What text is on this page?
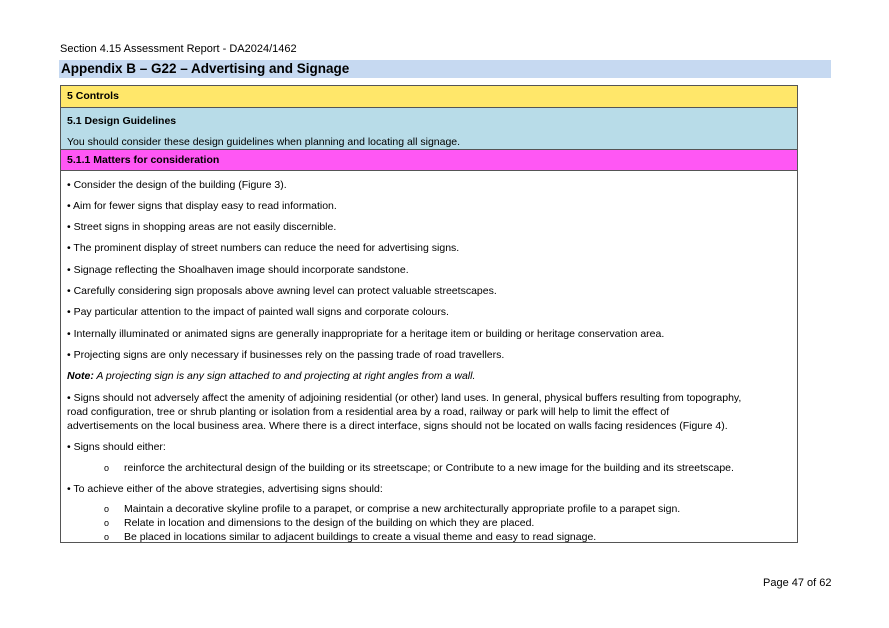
Section 4.15 Assessment Report - DA2024/1462
Appendix B – G22 – Advertising and Signage
5 Controls
5.1 Design Guidelines
You should consider these design guidelines when planning and locating all signage.
5.1.1 Matters for consideration
• Consider the design of the building (Figure 3).
• Aim for fewer signs that display easy to read information.
• Street signs in shopping areas are not easily discernible.
• The prominent display of street numbers can reduce the need for advertising signs.
• Signage reflecting the Shoalhaven image should incorporate sandstone.
• Carefully considering sign proposals above awning level can protect valuable streetscapes.
• Pay particular attention to the impact of painted wall signs and corporate colours.
• Internally illuminated or animated signs are generally inappropriate for a heritage item or building or heritage conservation area.
• Projecting signs are only necessary if businesses rely on the passing trade of road travellers.
Note: A projecting sign is any sign attached to and projecting at right angles from a wall.
• Signs should not adversely affect the amenity of adjoining residential (or other) land uses. In general, physical buffers resulting from topography,
road configuration, tree or shrub planting or isolation from a residential area by a road, railway or park will help to limit the effect of
advertisements on the local business area. Where there is a direct interface, signs should not be located on walls facing residences (Figure 4).
• Signs should either:
o reinforce the architectural design of the building or its streetscape; or Contribute to a new image for the building and its streetscape.
• To achieve either of the above strategies, advertising signs should:
o Maintain a decorative skyline profile to a parapet, or comprise a new architecturally appropriate profile to a parapet sign.
o Relate in location and dimensions to the design of the building on which they are placed.
o Be placed in locations similar to adjacent buildings to create a visual theme and easy to read signage.
Page 47 of 62
